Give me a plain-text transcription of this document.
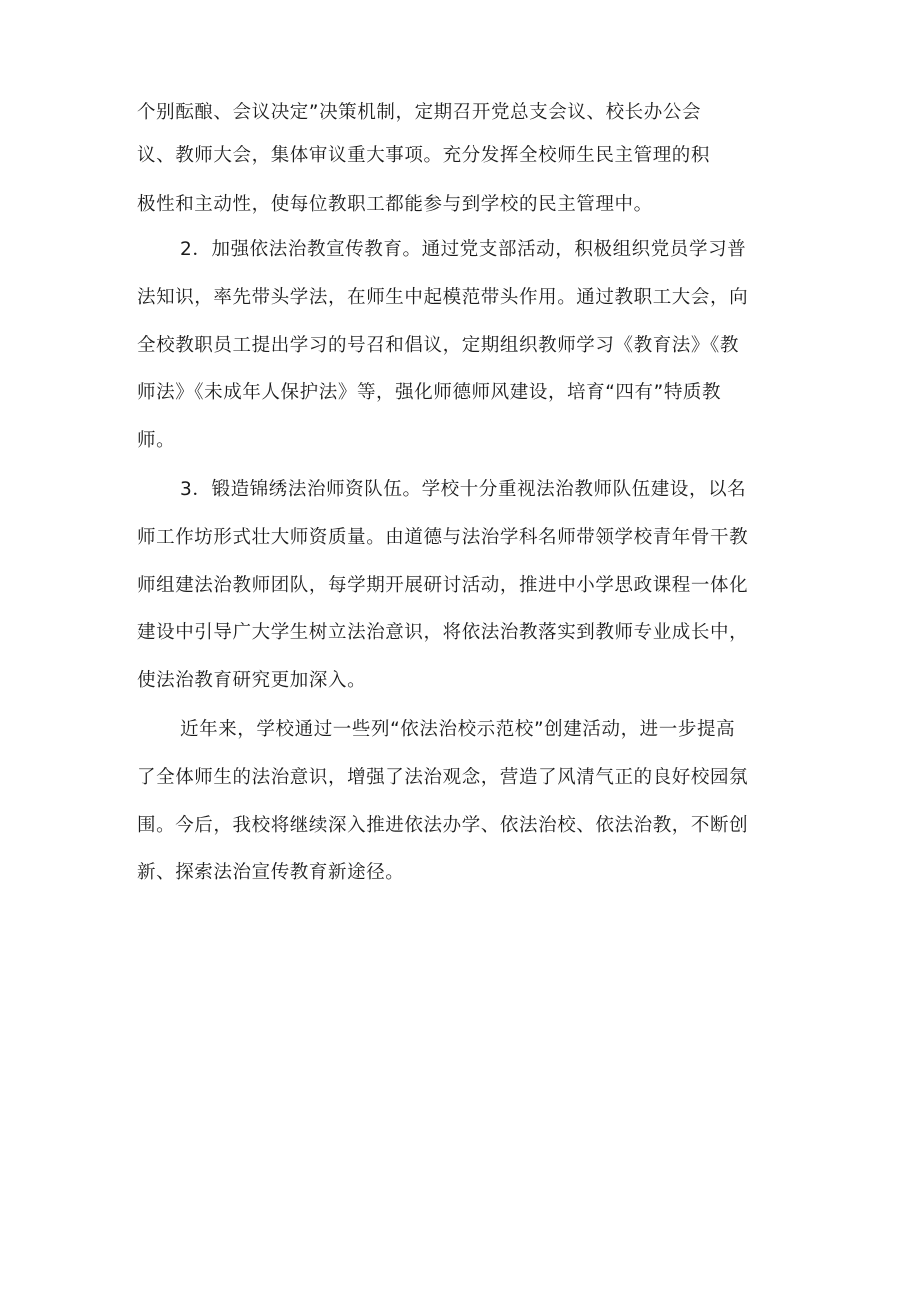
个别酝酿、会议决定”决策机制，定期召开党总支会议、校长办公会
议、教师大会，集体审议重大事项。充分发挥全校师生民主管理的积
极性和主动性，使每位教职工都能参与到学校的民主管理中。
2．加强依法治教宣传教育。通过党支部活动，积极组织党员学习普
法知识，率先带头学法，在师生中起模范带头作用。通过教职工大会，向
全校教职员工提出学习的号召和倡议，定期组织教师学习《教育法》《教
师法》《未成年人保护法》等，强化师德师风建设，培育“四有”特质教
师。
3．锻造锦绣法治师资队伍。学校十分重视法治教师队伍建设，以名
师工作坊形式壮大师资质量。由道德与法治学科名师带领学校青年骨干教
师组建法治教师团队，每学期开展研讨活动，推进中小学思政课程一体化
建设中引导广大学生树立法治意识，将依法治教落实到教师专业成长中，
使法治教育研究更加深入。
近年来，学校通过一些列“依法治校示范校”创建活动，进一步提高
了全体师生的法治意识，增强了法治观念，营造了风清气正的良好校园氛
围。今后，我校将继续深入推进依法办学、依法治校、依法治教，不断创
新、探索法治宣传教育新途径。
